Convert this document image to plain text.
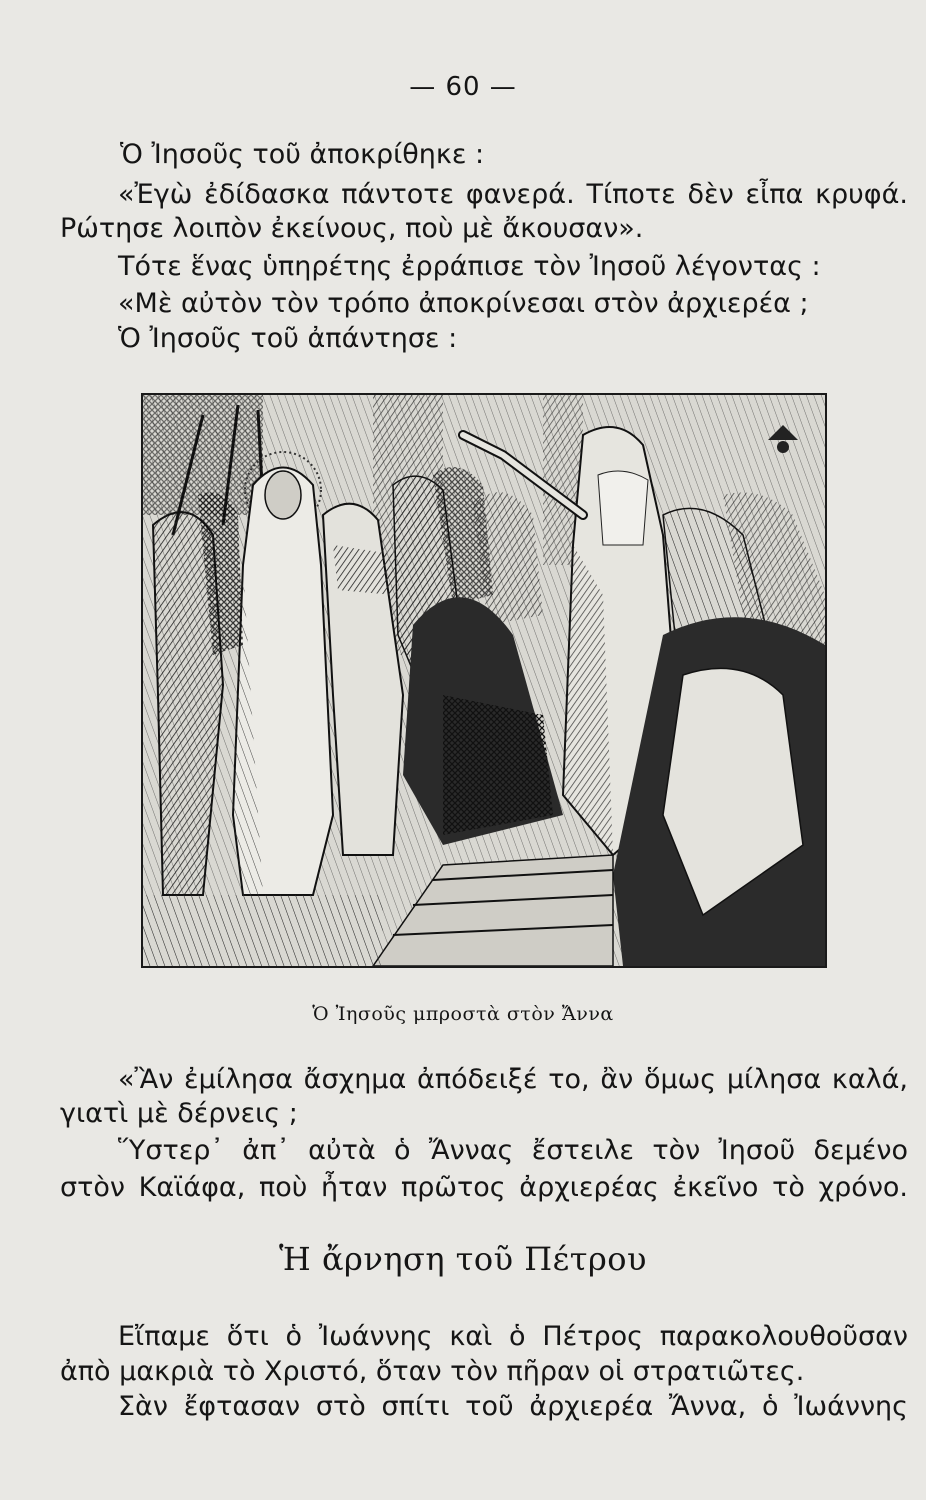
— 60 —
Ὁ Ἰησοῦς τοῦ ἀποκρίθηκε :
«Ἐγὼ ἐδίδασκα πάντοτε φανερά. Τίποτε δὲν εἶπα κρυφά.
Ρώτησε λοιπὸν ἐκείνους, ποὺ μὲ ἄκουσαν».
Τότε ἕνας ὑπηρέτης ἐρράπισε τὸν Ἰησοῦ λέγοντας :
«Μὲ αὐτὸν τὸν τρόπο ἀποκρίνεσαι στὸν ἀρχιερέα ;
Ὁ Ἰησοῦς τοῦ ἀπάντησε :
Ὁ Ἰησοῦς μπροστὰ στὸν Ἄννα
«Ἂν ἐμίλησα ἄσχημα ἀπόδειξέ το, ἂν ὅμως μίλησα καλά,
γιατὶ μὲ δέρνεις ;
Ὕστερ᾿ ἀπ᾿ αὐτὰ ὁ Ἄννας ἔστειλε τὸν Ἰησοῦ δεμένο
στὸν Καϊάφα, ποὺ ἦταν πρῶτος ἀρχιερέας ἐκεῖνο τὸ χρόνο.
Ἡ ἄρνηση τοῦ Πέτρου
Εἴπαμε ὅτι ὁ Ἰωάννης καὶ ὁ Πέτρος παρακολουθοῦσαν
ἀπὸ μακριὰ τὸ Χριστό, ὅταν τὸν πῆραν οἱ στρατιῶτες.
Σὰν ἔφτασαν στὸ σπίτι τοῦ ἀρχιερέα Ἄννα, ὁ Ἰωάννης
